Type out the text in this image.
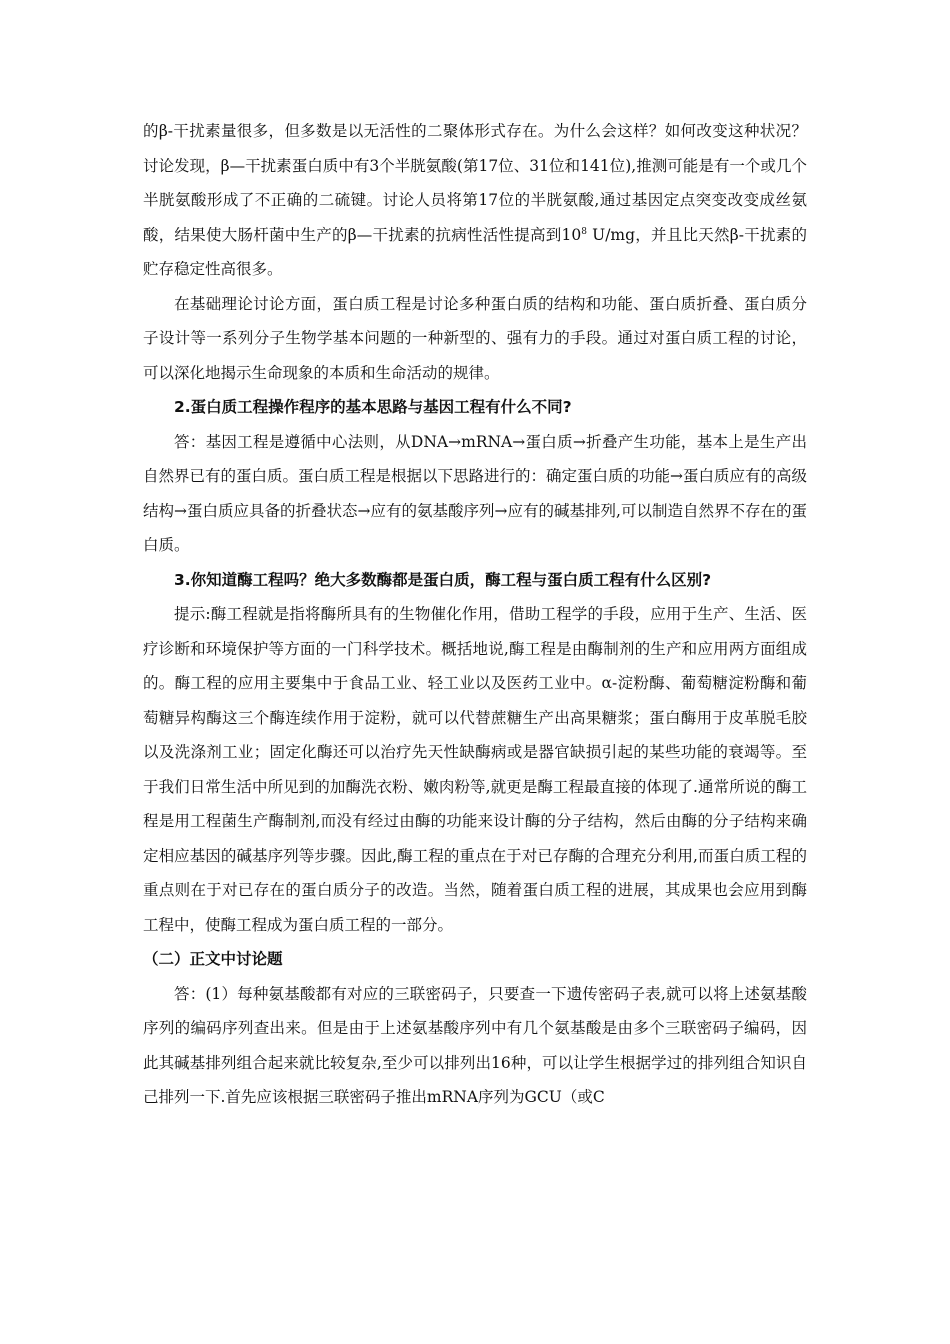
的β-干扰素量很多，但多数是以无活性的二聚体形式存在。为什么会这样？如何改变这种状况？讨论发现，β—干扰素蛋白质中有3个半胱氨酸(第17位、31位和141位),推测可能是有一个或几个半胱氨酸形成了不正确的二硫键。讨论人员将第17位的半胱氨酸,通过基因定点突变改变成丝氨酸，结果使大肠杆菌中生产的β—干扰素的抗病性活性提高到$10^8$ U/mg，并且比天然β-干扰素的贮存稳定性高很多。

在基础理论讨论方面，蛋白质工程是讨论多种蛋白质的结构和功能、蛋白质折叠、蛋白质分子设计等一系列分子生物学基本问题的一种新型的、强有力的手段。通过对蛋白质工程的讨论，可以深化地揭示生命现象的本质和生命活动的规律。

2.蛋白质工程操作程序的基本思路与基因工程有什么不同?

答：基因工程是遵循中心法则，从DNA→mRNA→蛋白质→折叠产生功能，基本上是生产出自然界已有的蛋白质。蛋白质工程是根据以下思路进行的：确定蛋白质的功能→蛋白质应有的高级结构→蛋白质应具备的折叠状态→应有的氨基酸序列→应有的碱基排列,可以制造自然界不存在的蛋白质。

3.你知道酶工程吗？绝大多数酶都是蛋白质，酶工程与蛋白质工程有什么区别?

提示:酶工程就是指将酶所具有的生物催化作用，借助工程学的手段，应用于生产、生活、医疗诊断和环境保护等方面的一门科学技术。概括地说,酶工程是由酶制剂的生产和应用两方面组成的。酶工程的应用主要集中于食品工业、轻工业以及医药工业中。α-淀粉酶、葡萄糖淀粉酶和葡萄糖异构酶这三个酶连续作用于淀粉，就可以代替蔗糖生产出高果糖浆；蛋白酶用于皮革脱毛胶以及洗涤剂工业；固定化酶还可以治疗先天性缺酶病或是器官缺损引起的某些功能的衰竭等。至于我们日常生活中所见到的加酶洗衣粉、嫩肉粉等,就更是酶工程最直接的体现了.通常所说的酶工程是用工程菌生产酶制剂,而没有经过由酶的功能来设计酶的分子结构，然后由酶的分子结构来确定相应基因的碱基序列等步骤。因此,酶工程的重点在于对已存酶的合理充分利用,而蛋白质工程的重点则在于对已存在的蛋白质分子的改造。当然，随着蛋白质工程的进展，其成果也会应用到酶工程中，使酶工程成为蛋白质工程的一部分。

（二）正文中讨论题

答：(1）每种氨基酸都有对应的三联密码子，只要查一下遗传密码子表,就可以将上述氨基酸序列的编码序列查出来。但是由于上述氨基酸序列中有几个氨基酸是由多个三联密码子编码，因此其碱基排列组合起来就比较复杂,至少可以排列出16种，可以让学生根据学过的排列组合知识自己排列一下.首先应该根据三联密码子推出mRNA序列为GCU（或C
